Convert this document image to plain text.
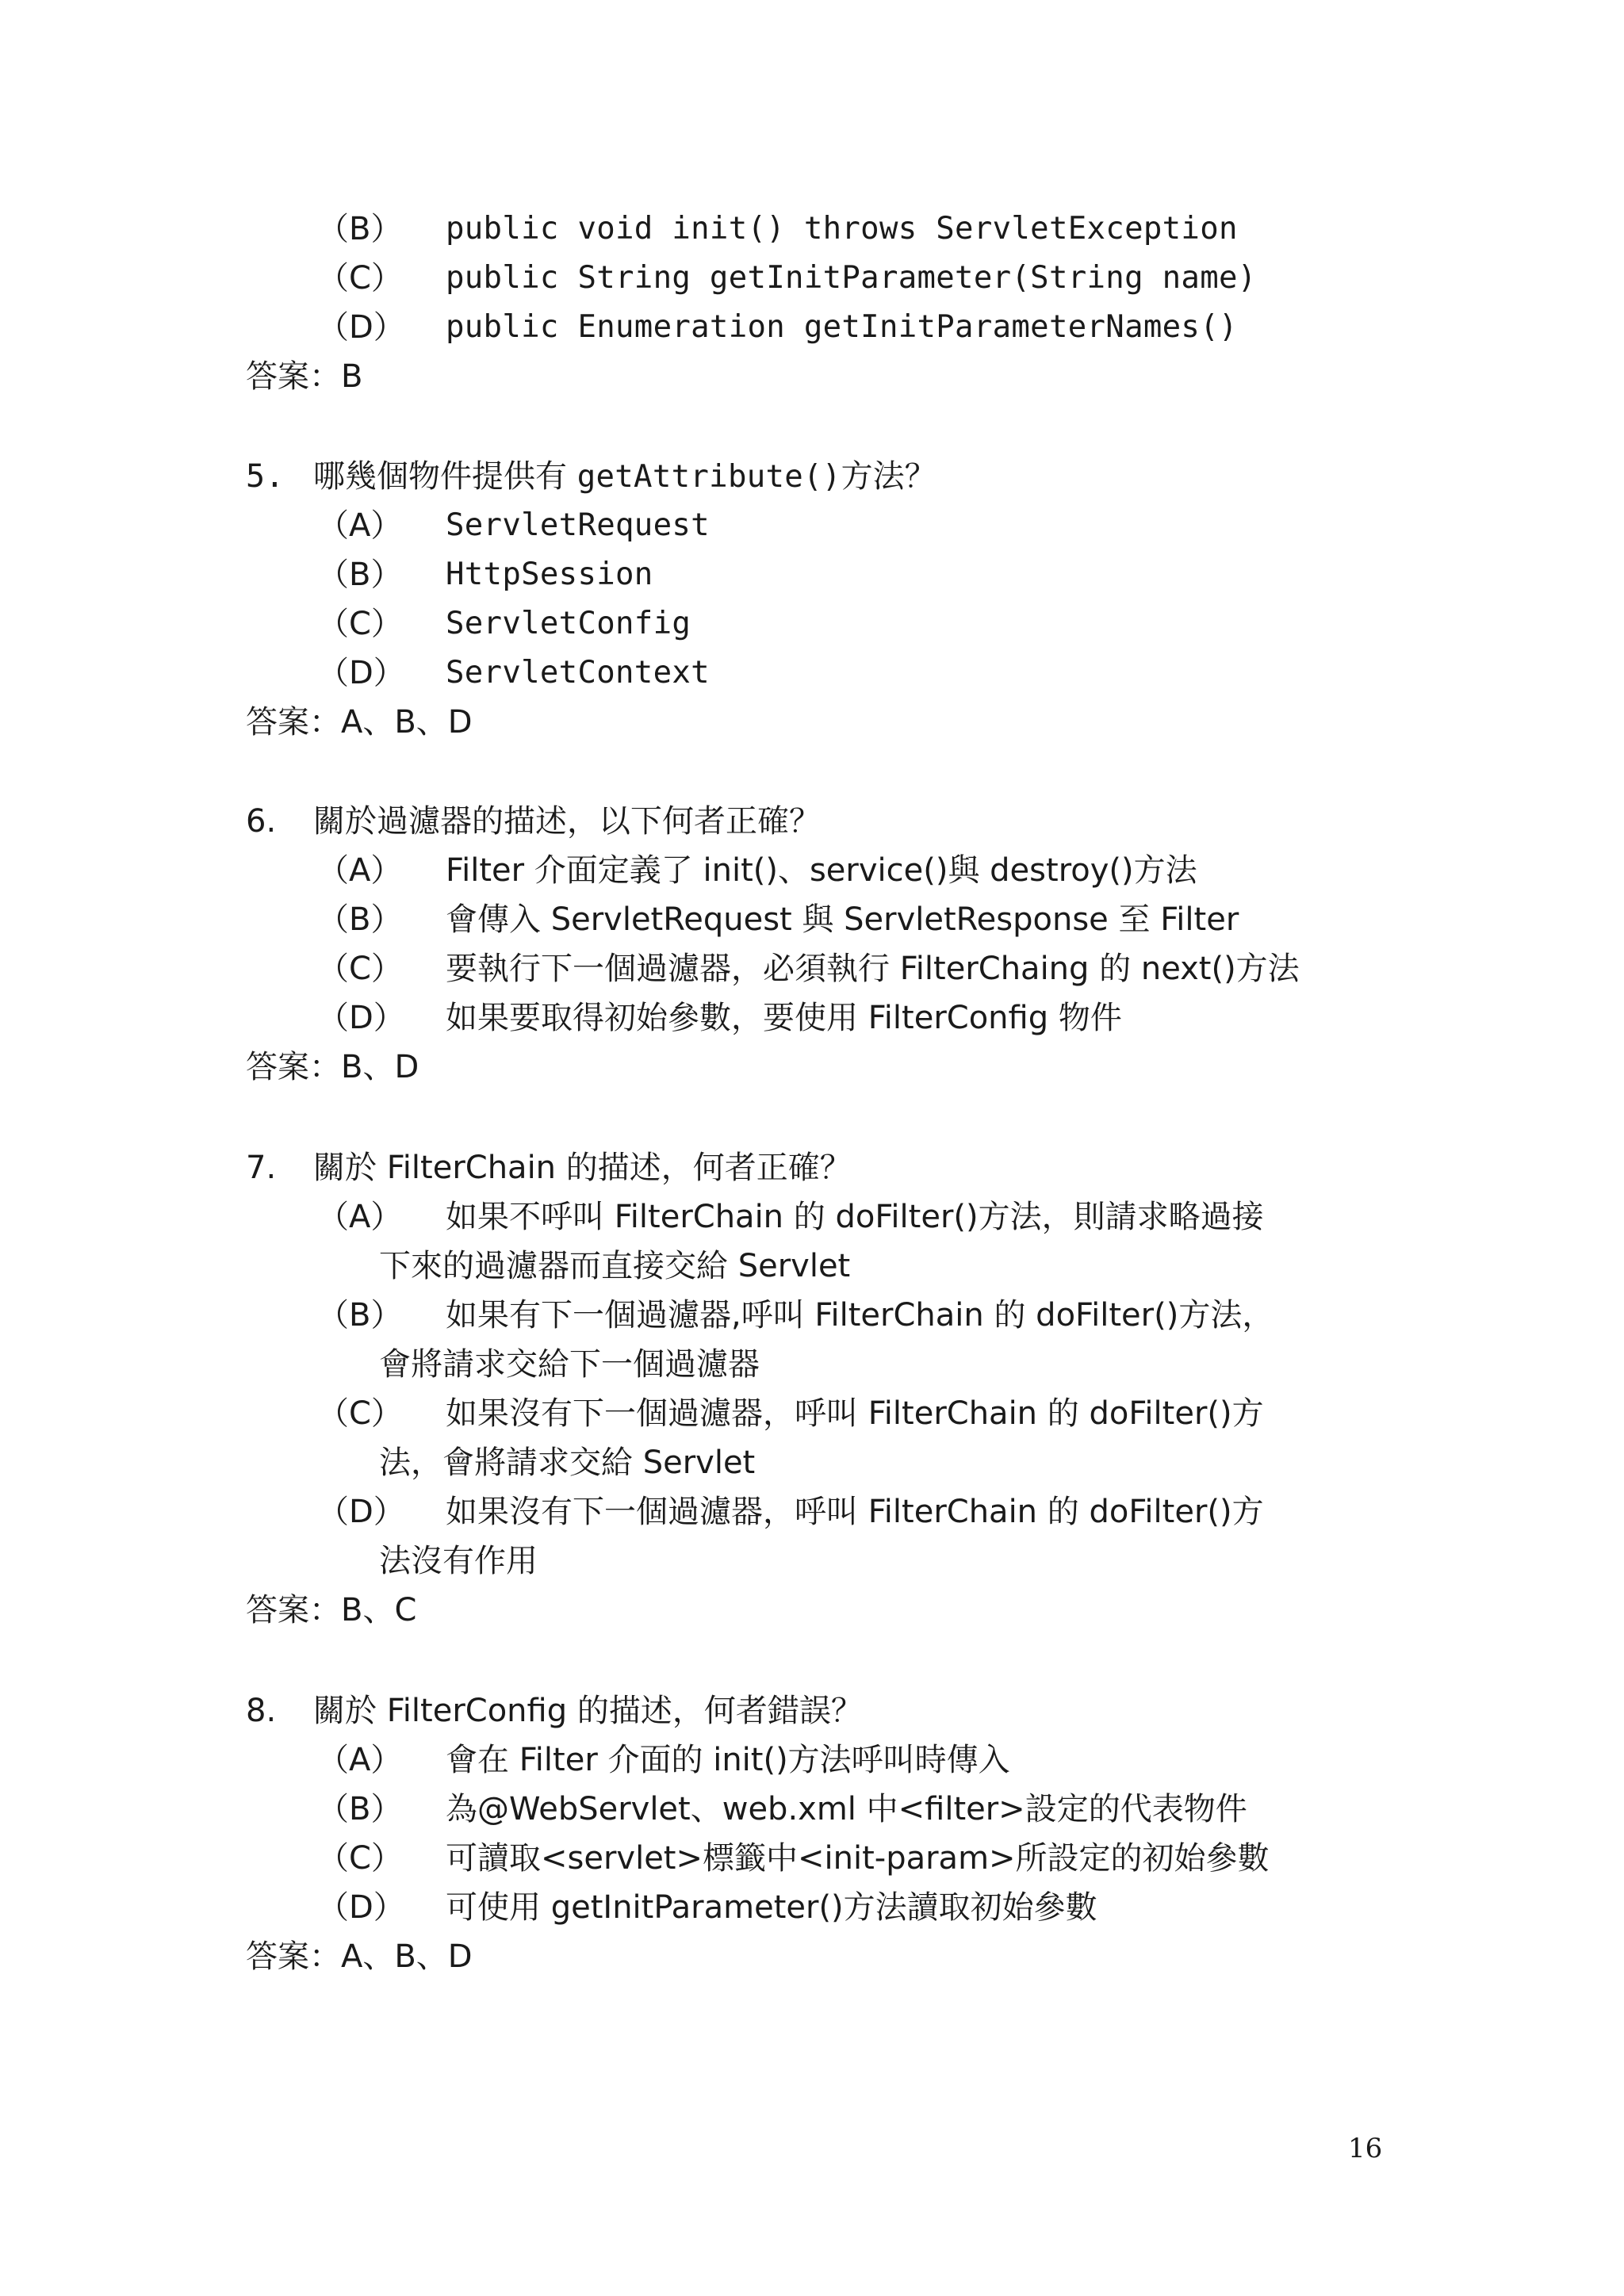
（B） public void init() throws ServletException
（C） public String getInitParameter(String name)
（D） public Enumeration getInitParameterNames()
答案：B
5. 哪幾個物件提供有 getAttribute()方法？
（A） ServletRequest
（B） HttpSession
（C） ServletConfig
（D） ServletContext
答案：A、B、D
6. 關於過濾器的描述，以下何者正確？
（A） Filter 介面定義了 init()、service()與 destroy()方法
（B） 會傳入 ServletRequest 與 ServletResponse 至 Filter
（C） 要執行下一個過濾器，必須執行 FilterChaing 的 next()方法
（D） 如果要取得初始參數，要使用 FilterConfig 物件
答案：B、D
7. 關於 FilterChain 的描述，何者正確？
（A） 如果不呼叫 FilterChain 的 doFilter()方法，則請求略過接
下來的過濾器而直接交給 Servlet
（B） 如果有下一個過濾器,呼叫 FilterChain 的 doFilter()方法，
會將請求交給下一個過濾器
（C） 如果沒有下一個過濾器，呼叫 FilterChain 的 doFilter()方
法，會將請求交給 Servlet
（D） 如果沒有下一個過濾器，呼叫 FilterChain 的 doFilter()方
法沒有作用
答案：B、C
8. 關於 FilterConfig 的描述，何者錯誤？
（A） 會在 Filter 介面的 init()方法呼叫時傳入
（B） 為@WebServlet、web.xml 中<filter>設定的代表物件
（C） 可讀取<servlet>標籤中<init-param>所設定的初始參數
（D） 可使用 getInitParameter()方法讀取初始參數
答案：A、B、D
16
